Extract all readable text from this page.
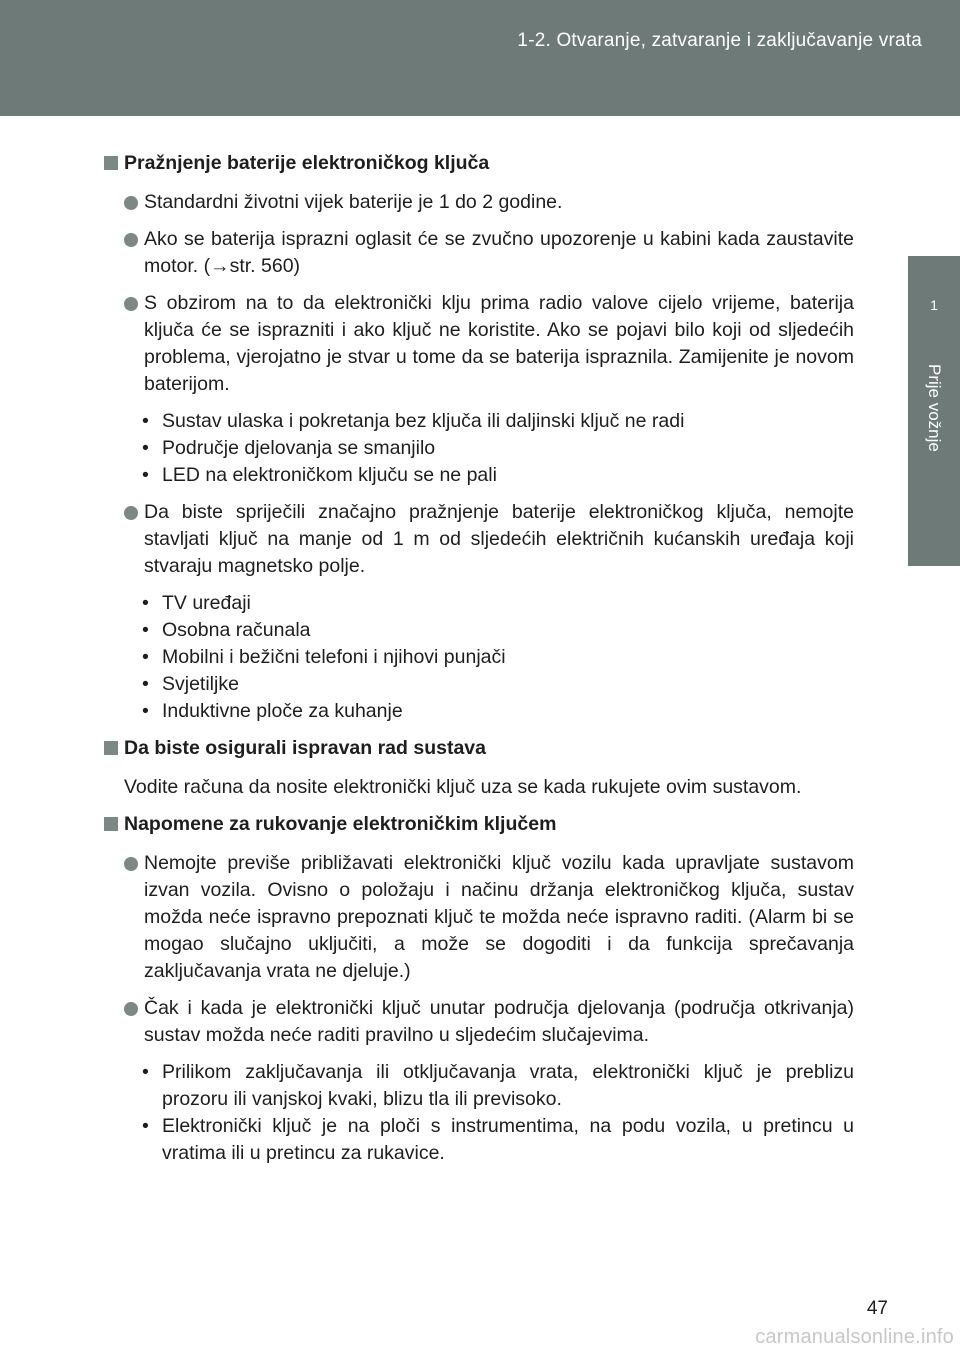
1-2. Otvaranje, zatvaranje i zaključavanje vrata
1
Prije vožnje
Pražnjenje baterije elektroničkog ključa
Standardni životni vijek baterije je 1 do 2 godine.
Ako se baterija isprazni oglasit će se zvučno upozorenje u kabini kada zaustavite motor. (→str. 560)
S obzirom na to da elektronički klju prima radio valove cijelo vrijeme, baterija ključa će se isprazniti i ako ključ ne koristite. Ako se pojavi bilo koji od sljedećih problema, vjerojatno je stvar u tome da se baterija ispraznila. Zamijenite je novom baterijom.
• Sustav ulaska i pokretanja bez ključa ili daljinski ključ ne radi
• Područje djelovanja se smanjilo
• LED na elektroničkom ključu se ne pali
Da biste spriječili značajno pražnjenje baterije elektroničkog ključa, nemojte stavljati ključ na manje od 1 m od sljedećih električnih kućanskih uređaja koji stvaraju magnetsko polje.
• TV uređaji
• Osobna računala
• Mobilni i bežični telefoni i njihovi punjači
• Svjetiljke
• Induktivne ploče za kuhanje
Da biste osigurali ispravan rad sustava

Vodite računa da nosite elektronički ključ uza se kada rukujete ovim sustavom.

Napomene za rukovanje elektroničkim ključem
Nemojte previše približavati elektronički ključ vozilu kada upravljate sustavom izvan vozila. Ovisno o položaju i načinu držanja elektroničkog ključa, sustav možda neće ispravno prepoznati ključ te možda neće ispravno raditi. (Alarm bi se mogao slučajno uključiti, a može se dogoditi i da funkcija sprečavanja zaključavanja vrata ne djeluje.)
Čak i kada je elektronički ključ unutar područja djelovanja (područja otkrivanja) sustav možda neće raditi pravilno u sljedećim slučajevima.
• Prilikom zaključavanja ili otključavanja vrata, elektronički ključ je preblizu prozoru ili vanjskoj kvaki, blizu tla ili previsoko.
• Elektronički ključ je na ploči s instrumentima, na podu vozila, u pretincu u vratima ili u pretincu za rukavice.
47
carmanualsonline.info
